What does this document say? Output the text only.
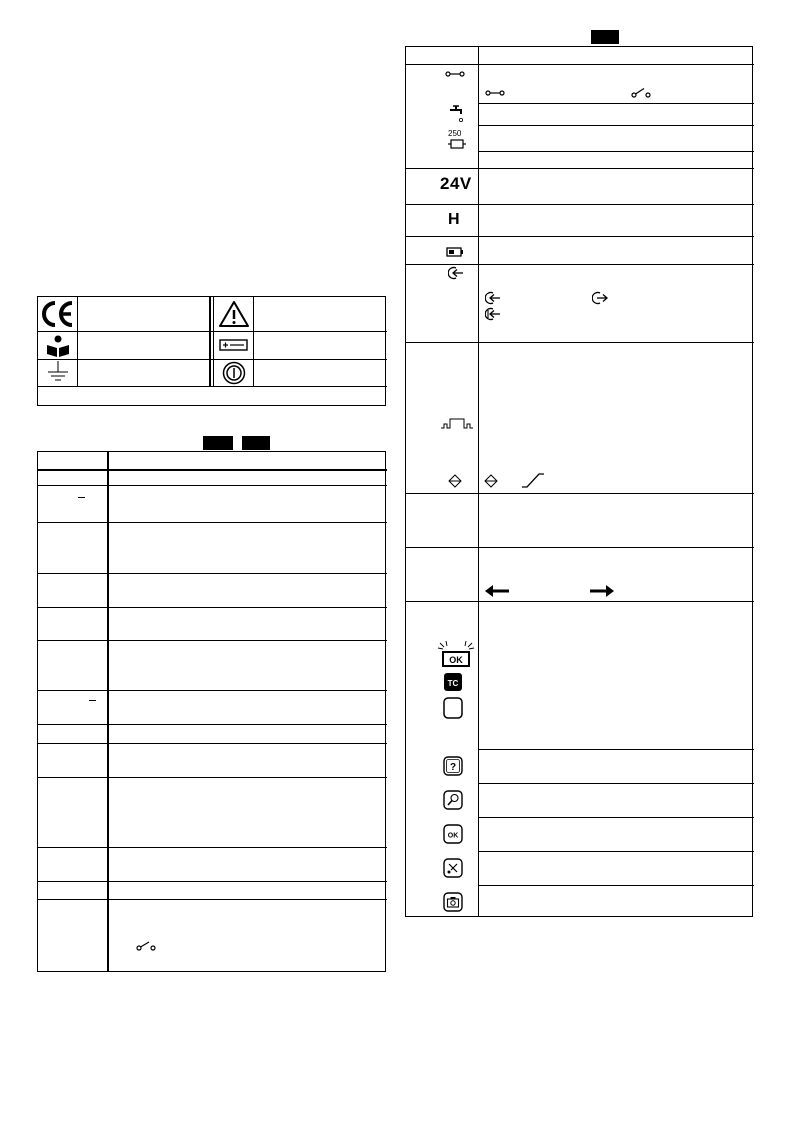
250
24V
H
OK
TC
?
OK
